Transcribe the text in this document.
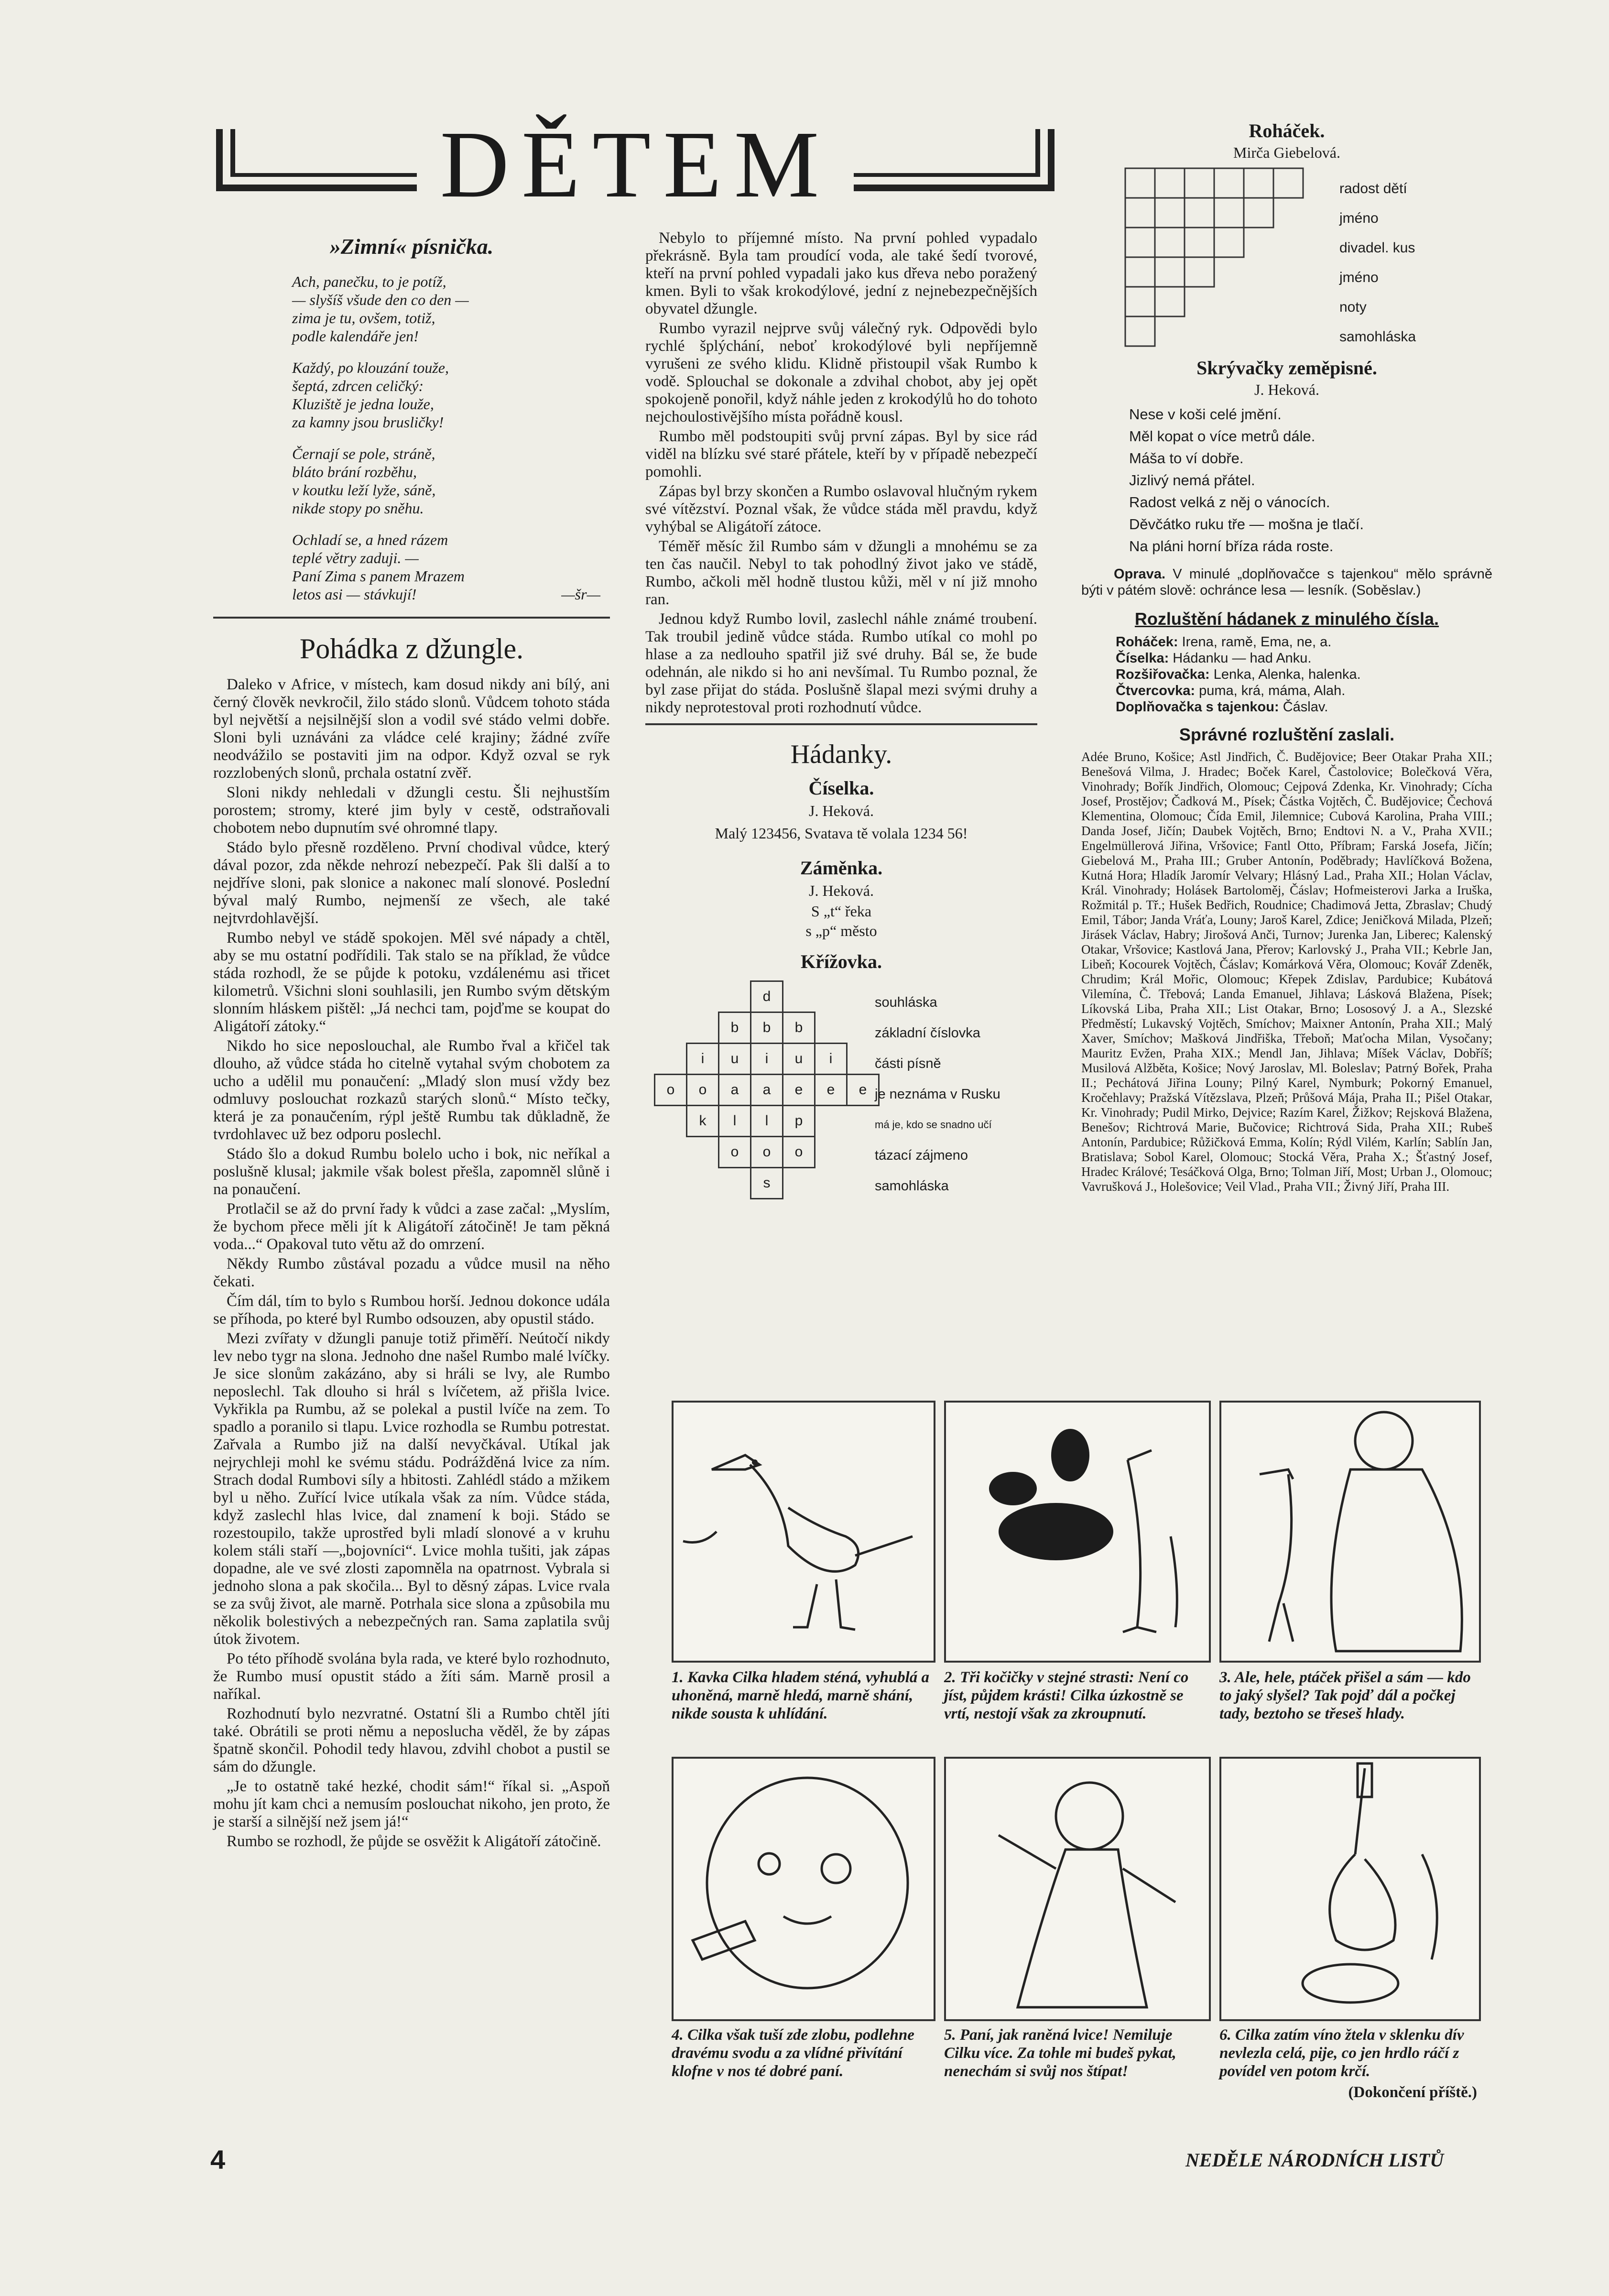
DĚTEM
»Zimní« písnička.

Ach, panečku, to je potíž,
— slyšíš všude den co den —
zima je tu, ovšem, totiž,
podle kalendáře jen!

Každý, po klouzání touže,
šeptá, zdrcen celičký:
Kluziště je jedna louže,
za kamny jsou brusličky!

Černají se pole, stráně,
bláto brání rozběhu,
v koutku leží lyže, sáně,
nikde stopy po sněhu.

Ochladí se, a hned rázem
teplé větry zaduji. —
Paní Zima s panem Mrazem
letos asi — stávkují!	—šr—

Pohádka z džungle.

Daleko v Africe, v místech, kam dosud nikdy ani bílý, ani černý člověk nevkročil, žilo stádo slonů. Vůdcem tohoto stáda byl největší a nejsilnější slon a vodil své stádo velmi dobře. Sloni byli uznáváni za vládce celé krajiny; žádné zvíře neodvážilo se postaviti jim na odpor. Když ozval se ryk rozzlobených slonů, prchala ostatní zvěř.

Sloni nikdy nehledali v džungli cestu. Šli nejhustším porostem; stromy, které jim byly v cestě, odstraňovali chobotem nebo dupnutím své ohromné tlapy.

Stádo bylo přesně rozděleno. První chodival vůdce, který dával pozor, zda někde nehrozí nebezpečí. Pak šli další a to nejdříve sloni, pak slonice a nakonec malí slonové. Poslední býval malý Rumbo, nejmenší ze všech, ale také nejtvrdohlavější.

Rumbo nebyl ve stádě spokojen. Měl své nápady a chtěl, aby se mu ostatní podřídili. Tak stalo se na příklad, že vůdce stáda rozhodl, že se půjde k potoku, vzdálenému asi třicet kilometrů. Všichni sloni souhlasili, jen Rumbo svým dětským slonním hláskem pištěl: „Já nechci tam, pojďme se koupat do Aligátoří zátoky.“

Nikdo ho sice neposlouchal, ale Rumbo řval a křičel tak dlouho, až vůdce stáda ho citelně vytahal svým chobotem za ucho a udělil mu ponaučení: „Mladý slon musí vždy bez odmluvy poslouchat rozkazů starých slonů.“ Místo tečky, která je za ponaučením, rýpl ještě Rumbu tak důkladně, že tvrdohlavec už bez odporu poslechl.

Stádo šlo a dokud Rumbu bolelo ucho i bok, nic neříkal a poslušně klusal; jakmile však bolest přešla, zapomněl slůně i na ponaučení.

Protlačil se až do první řady k vůdci a zase začal: „Myslím, že bychom přece měli jít k Aligátoří zátočině! Je tam pěkná voda...“ Opakoval tuto větu až do omrzení.

Někdy Rumbo zůstával pozadu a vůdce musil na něho čekati.

Čím dál, tím to bylo s Rumbou horší. Jednou dokonce udála se příhoda, po které byl Rumbo odsouzen, aby opustil stádo.

Mezi zvířaty v džungli panuje totiž přiměří. Neútočí nikdy lev nebo tygr na slona. Jednoho dne našel Rumbo malé lvíčky. Je sice slonům zakázáno, aby si hráli se lvy, ale Rumbo neposlechl. Tak dlouho si hrál s lvíčetem, až přišla lvice. Vykřikla pa Rumbu, až se polekal a pustil lvíče na zem. To spadlo a poranilo si tlapu. Lvice rozhodla se Rumbu potrestat. Zařvala a Rumbo již na další nevyčkával. Utíkal jak nejrychleji mohl ke svému stádu. Podrážděná lvice za ním. Strach dodal Rumbovi síly a hbitosti. Zahlédl stádo a mžikem byl u něho. Zuřící lvice utíkala však za ním. Vůdce stáda, když zaslechl hlas lvice, dal znamení k boji. Stádo se rozestoupilo, takže uprostřed byli mladí slonové a v kruhu kolem stáli staří —„bojovníci“. Lvice mohla tušiti, jak zápas dopadne, ale ve své zlosti zapomněla na opatrnost. Vybrala si jednoho slona a pak skočila... Byl to děsný zápas. Lvice rvala se za svůj život, ale marně. Potrhala sice slona a způsobila mu několik bolestivých a nebezpečných ran. Sama zaplatila svůj útok životem.

Po této příhodě svolána byla rada, ve které bylo rozhodnuto, že Rumbo musí opustit stádo a žíti sám. Marně prosil a naříkal.

Rozhodnutí bylo nezvratné. Ostatní šli a Rumbo chtěl jíti také. Obrátili se proti němu a neposlucha věděl, že by zápas špatně skončil. Pohodil tedy hlavou, zdvihl chobot a pustil se sám do džungle.

„Je to ostatně také hezké, chodit sám!“ říkal si. „Aspoň mohu jít kam chci a nemusím poslouchat nikoho, jen proto, že je starší a silnější než jsem já!“

Rumbo se rozhodl, že půjde se osvěžit k Aligátoří zátočině.

Nebylo to příjemné místo. Na první pohled vypadalo překrásně. Byla tam proudící voda, ale také šedí tvorové, kteří na první pohled vypadali jako kus dřeva nebo poražený kmen. Byli to však krokodýlové, jední z nejnebezpečnějších obyvatel džungle.

Rumbo vyrazil nejprve svůj válečný ryk. Odpovědi bylo rychlé šplýchání, neboť krokodýlové byli nepříjemně vyrušeni ze svého klidu. Klidně přistoupil však Rumbo k vodě. Splouchal se dokonale a zdvihal chobot, aby jej opět spokojeně ponořil, když náhle jeden z krokodýlů ho do tohoto nejchoulostivějšího místa pořádně kousl.

Rumbo měl podstoupiti svůj první zápas. Byl by sice rád viděl na blízku své staré přátele, kteří by v případě nebezpečí pomohli.

Zápas byl brzy skončen a Rumbo oslavoval hlučným rykem své vítězství. Poznal však, že vůdce stáda měl pravdu, když vyhýbal se Aligátoří zátoce.

Téměř měsíc žil Rumbo sám v džungli a mnohému se za ten čas naučil. Nebyl to tak pohodlný život jako ve stádě, Rumbo, ačkoli měl hodně tlustou kůži, měl v ní již mnoho ran.

Jednou když Rumbo lovil, zaslechl náhle známé troubení. Tak troubil jedině vůdce stáda. Rumbo utíkal co mohl po hlase a za nedlouho spatřil již své druhy. Bál se, že bude odehnán, ale nikdo si ho ani nevšímal. Tu Rumbo poznal, že byl zase přijat do stáda. Poslušně šlapal mezi svými druhy a nikdy neprotestoval proti rozhodnutí vůdce.

Hádanky.
Číselka.
J. Heková.
Malý 123456, Svatava tě volala 1234 56!
Záměnka.
J. Heková.
S „t“ řeka
s „p“ město
Křížovka.
			d			
		b	b	b		
	i	u	i	u	i	
o	o	a	a	e	e	e
	k	l	l	p		
		o	o	o		
			s			
souhláska
základní číslovka
části písně
je neznáma v Rusku
má je, kdo se snadno učí
tázací zájmeno
samohláska
Roháček.
Mirča Giebelová.
radost dětí
jméno
divadel. kus
jméno
noty
samohláska
Skrývačky zeměpisné.
J. Heková.
Nese v koši celé jmění.
Měl kopat o více metrů dále.
Máša to ví dobře.
Jizlivý nemá přátel.
Radost velká z něj o vánocích.
Děvčátko ruku tře — mošna je tlačí.
Na pláni horní bříza ráda roste.
Oprava. V minulé „doplňovačce s tajenkou“ mělo správně býti v pátém slově: ochránce lesa — lesník. (Soběslav.)
Rozluštění hádanek z minulého čísla.
Roháček: Irena, ramě, Ema, ne, a.
Číselka: Hádanku — had Anku.
Rozšiřovačka: Lenka, Alenka, halenka.
Čtvercovka: puma, krá, máma, Alah.
Doplňovačka s tajenkou: Čáslav.
Správné rozluštění zaslali.
Adée Bruno, Košice; Astl Jindřich, Č. Budějovice; Beer Otakar Praha XII.; Benešová Vilma, J. Hradec; Boček Karel, Častolovice; Bolečková Věra, Vinohrady; Bořík Jindřich, Olomouc; Cejpová Zdenka, Kr. Vinohrady; Cícha Josef, Prostějov; Čadková M., Písek; Částka Vojtěch, Č. Budějovice; Čechová Klementina, Olomouc; Čída Emil, Jilemnice; Cubová Karolina, Praha VIII.; Danda Josef, Jičín; Daubek Vojtěch, Brno; Endtovi N. a V., Praha XVII.; Engelmüllerová Jiřina, Vršovice; Fantl Otto, Příbram; Farská Josefa, Jičín; Giebelová M., Praha III.; Gruber Antonín, Poděbrady; Havlíčková Božena, Kutná Hora; Hladík Jaromír Velvary; Hlásný Lad., Praha XII.; Holan Václav, Král. Vinohrady; Holásek Bartoloměj, Čáslav; Hofmeisterovi Jarka a Iruška, Rožmitál p. Tř.; Hušek Bedřich, Roudnice; Chadimová Jetta, Zbraslav; Chudý Emil, Tábor; Janda Vráťa, Louny; Jaroš Karel, Zdice; Jeničková Milada, Plzeň; Jirásek Václav, Habry; Jirošová Anči, Turnov; Jurenka Jan, Liberec; Kalenský Otakar, Vršovice; Kastlová Jana, Přerov; Karlovský J., Praha VII.; Kebrle Jan, Libeň; Kocourek Vojtěch, Čáslav; Komárková Věra, Olomouc; Kovář Zdeněk, Chrudim; Král Mořic, Olomouc; Křepek Zdislav, Pardubice; Kubátová Vilemína, Č. Třebová; Landa Emanuel, Jihlava; Lásková Blažena, Písek; Líkovská Liba, Praha XII.; List Otakar, Brno; Lososový J. a A., Slezské Předměstí; Lukavský Vojtěch, Smíchov; Maixner Antonín, Praha XII.; Malý Xaver, Smíchov; Mašková Jindřiška, Třeboň; Maťocha Milan, Vysočany; Mauritz Evžen, Praha XIX.; Mendl Jan, Jihlava; Míšek Václav, Dobříš; Musilová Alžběta, Košice; Nový Jaroslav, Ml. Boleslav; Patrný Bořek, Praha II.; Pechátová Jiřina Louny; Pilný Karel, Nymburk; Pokorný Emanuel, Kročehlavy; Pražská Vítězslava, Plzeň; Průšová Mája, Praha II.; Pišel Otakar, Kr. Vinohrady; Pudil Mirko, Dejvice; Razím Karel, Žižkov; Rejsková Blažena, Benešov; Richtrová Marie, Bučovice; Richtrová Sida, Praha XII.; Rubeš Antonín, Pardubice; Růžičková Emma, Kolín; Rýdl Vilém, Karlín; Sablín Jan, Bratislava; Sobol Karel, Olomouc; Stocká Věra, Praha X.; Šťastný Josef, Hradec Králové; Tesáčková Olga, Brno; Tolman Jiří, Most; Urban J., Olomouc; Vavrušková J., Holešovice; Veil Vlad., Praha VII.; Živný Jiří, Praha III.
1. Kavka Cilka hladem sténá, vyhublá a uhoněná, marně hledá, marně shání, nikde sousta k uhlídání.
2. Tři kočičky v stejné strasti: Není co jíst, půjdem krásti! Cilka úzkostně se vrtí, nestojí však za zkroupnutí.
3. Ale, hele, ptáček přišel a sám — kdo to jaký slyšel? Tak pojď dál a počkej tady, beztoho se třeseš hlady.
4. Cilka však tuší zde zlobu, podlehne dravému svodu a za vlídné přivítání klofne v nos té dobré paní.
5. Paní, jak raněná lvice! Nemiluje Cilku více. Za tohle mi budeš pykat, nenechám si svůj nos štípat!
6. Cilka zatím víno žtela v sklenku dív nevlezla celá, pije, co jen hrdlo ráčí z povídel ven potom krčí.
(Dokončení příště.)
4	NEDĚLE NÁRODNÍCH LISTŮ
